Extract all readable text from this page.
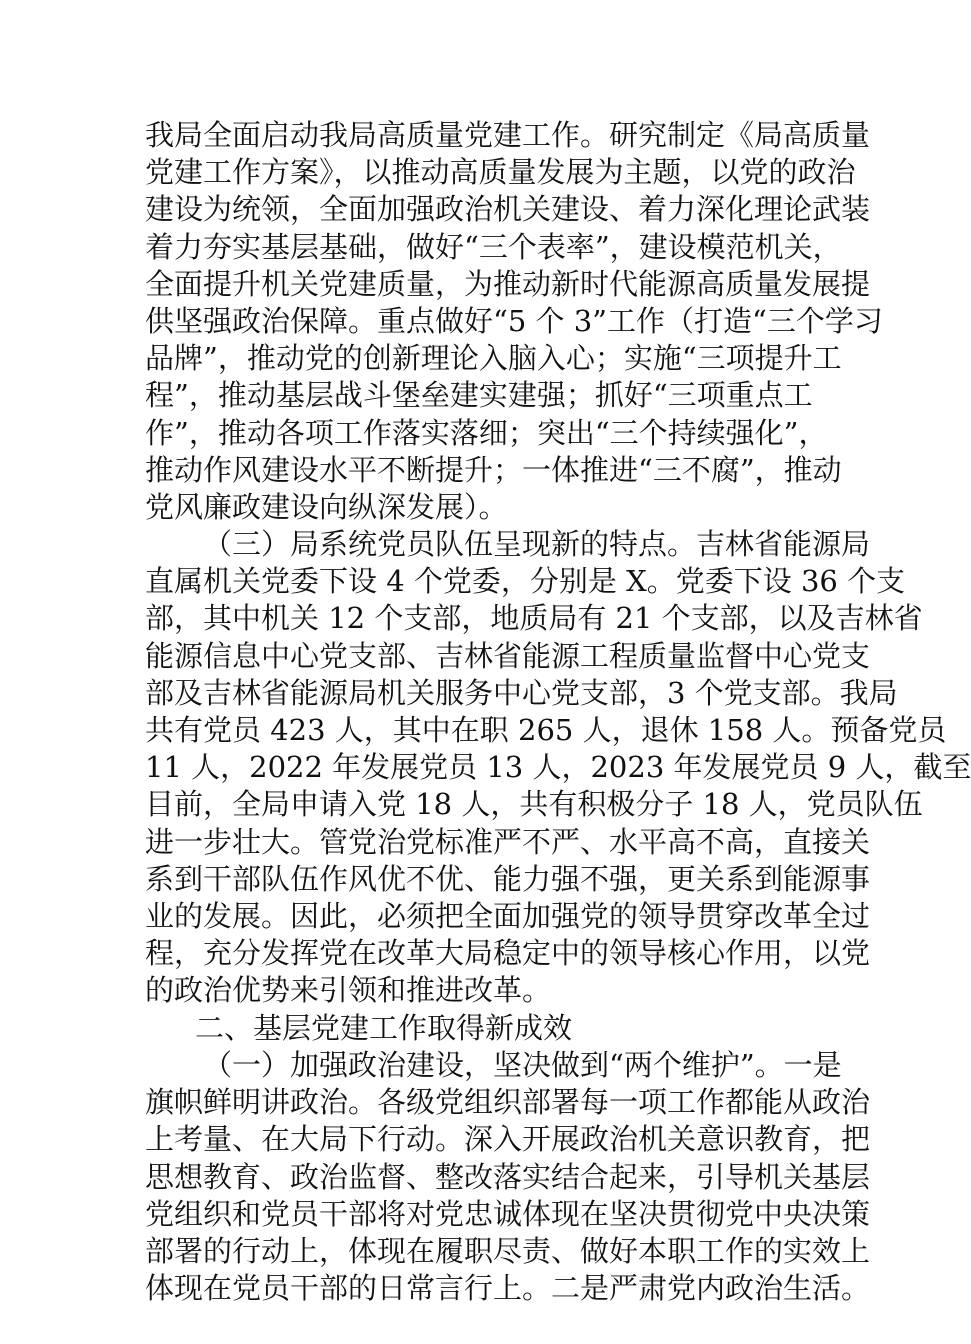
我局全面启动我局高质量党建工作。研究制定《局高质量
党建工作方案》，以推动高质量发展为主题，以党的政治
建设为统领，全面加强政治机关建设、着力深化理论武装
着力夯实基层基础，做好“三个表率”，建设模范机关，
全面提升机关党建质量，为推动新时代能源高质量发展提
供坚强政治保障。重点做好“5 个 3”工作（打造“三个学习
品牌”，推动党的创新理论入脑入心；实施“三项提升工
程”，推动基层战斗堡垒建实建强；抓好“三项重点工
作”，推动各项工作落实落细；突出“三个持续强化”，
推动作风建设水平不断提升；一体推进“三不腐”，推动
党风廉政建设向纵深发展）。
（三）局系统党员队伍呈现新的特点。吉林省能源局
直属机关党委下设 4 个党委，分别是 X。党委下设 36 个支
部，其中机关 12 个支部，地质局有 21 个支部，以及吉林省
能源信息中心党支部、吉林省能源工程质量监督中心党支
部及吉林省能源局机关服务中心党支部，3 个党支部。我局
共有党员 423 人，其中在职 265 人，退休 158 人。预备党员
11 人，2022 年发展党员 13 人，2023 年发展党员 9 人，截至
目前，全局申请入党 18 人，共有积极分子 18 人，党员队伍
进一步壮大。管党治党标准严不严、水平高不高，直接关
系到干部队伍作风优不优、能力强不强，更关系到能源事
业的发展。因此，必须把全面加强党的领导贯穿改革全过
程，充分发挥党在改革大局稳定中的领导核心作用，以党
的政治优势来引领和推进改革。
二、基层党建工作取得新成效
（一）加强政治建设，坚决做到“两个维护”。一是
旗帜鲜明讲政治。各级党组织部署每一项工作都能从政治
上考量、在大局下行动。深入开展政治机关意识教育，把
思想教育、政治监督、整改落实结合起来，引导机关基层
党组织和党员干部将对党忠诚体现在坚决贯彻党中央决策
部署的行动上，体现在履职尽责、做好本职工作的实效上
体现在党员干部的日常言行上。二是严肃党内政治生活。
